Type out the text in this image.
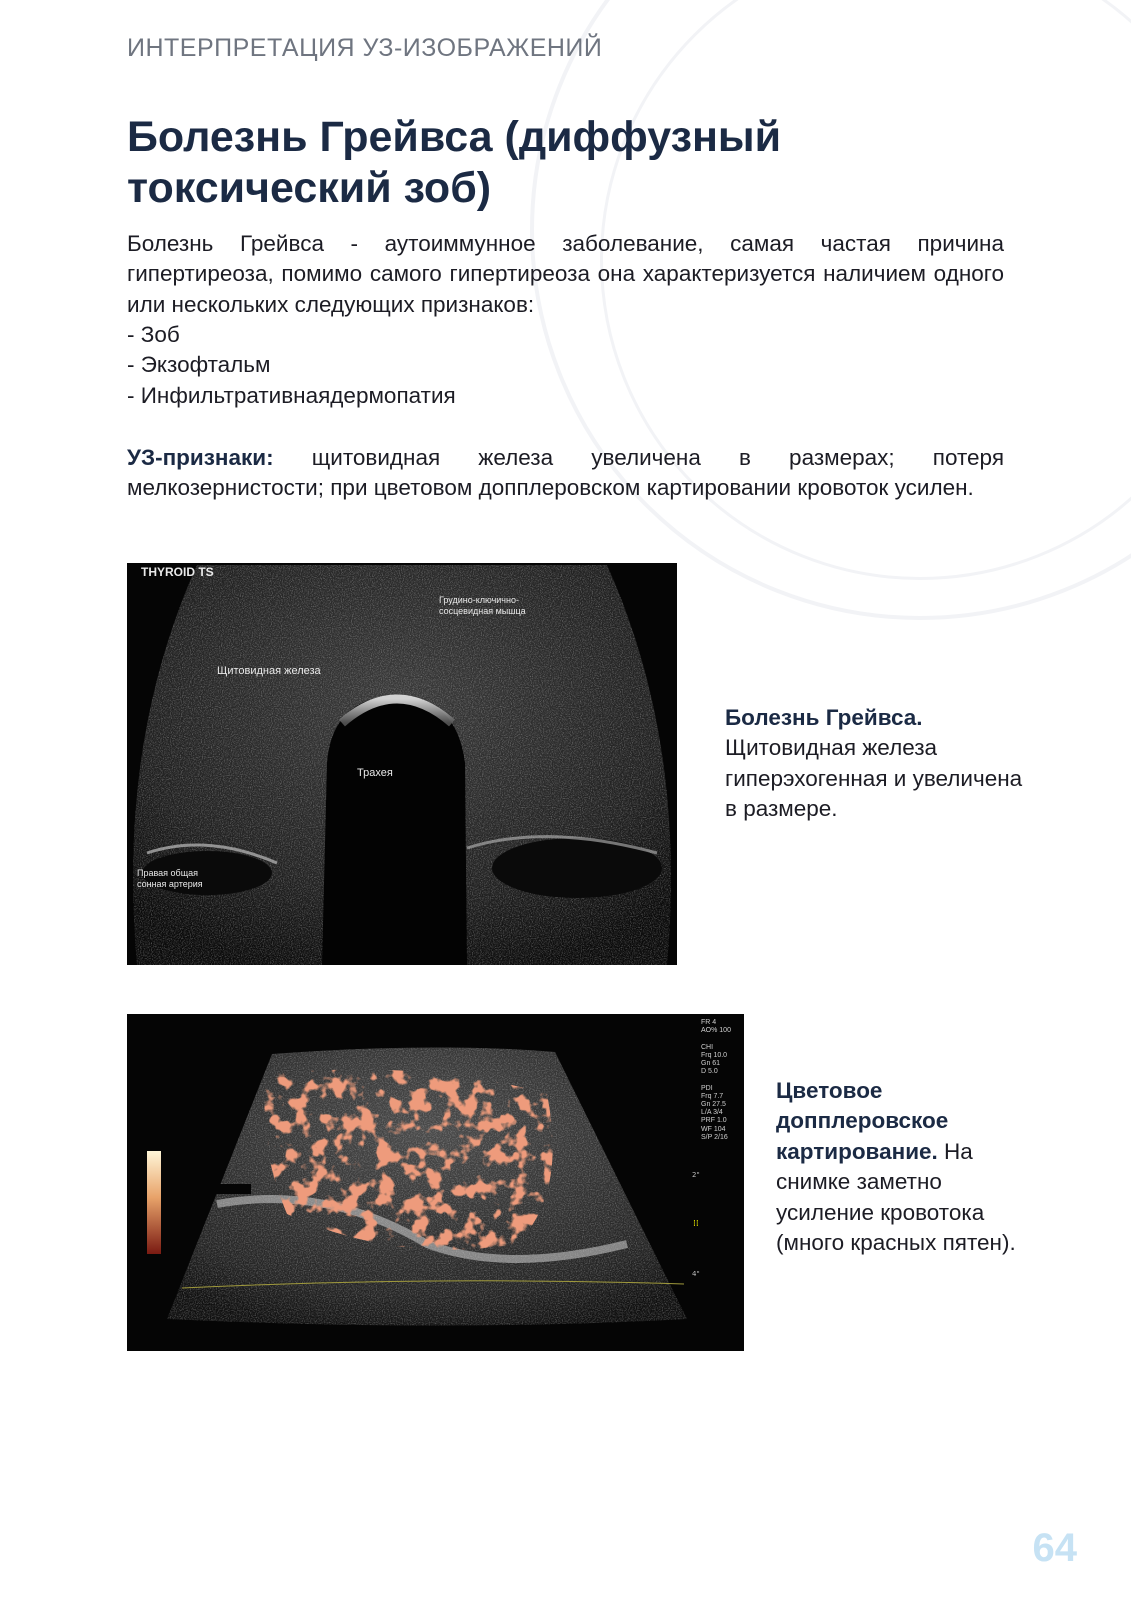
ИНТЕРПРЕТАЦИЯ УЗ-ИЗОБРАЖЕНИЙ
Болезнь Грейвса (диффузный токсический зоб)

Болезнь Грейвса - аутоиммунное заболевание, самая частая причина гипертиреоза, помимо самого гипертиреоза она характеризуется наличием одного или нескольких следующих признаков:

- Зоб
- Экзофтальм
- Инфильтративнаядермопатия

УЗ-признаки: щитовидная железа увеличена в размерах; потеря мелкозернистости; при цветовом допплеровском картировании кровоток усилен.

THYROID TS
Грудино-ключично-
сосцевидная мышца
Щитовидная железа
Трахея
Правая общая
сонная артерия
Болезнь Грейвса. Щитовидная железа гиперэхогенная и увеличена в размере.
2"
⁞⁞
4"
FR 4
AO% 100

CHI
Frq 10.0
Gn 61
D 5.0

PDI
Frq 7.7
Gn 27.5
L/A 3/4
PRF 1.0
WF 104
S/P 2/16
Цветовое допплеровское картирование. На снимке заметно усиление кровотока (много красных пятен).
64
